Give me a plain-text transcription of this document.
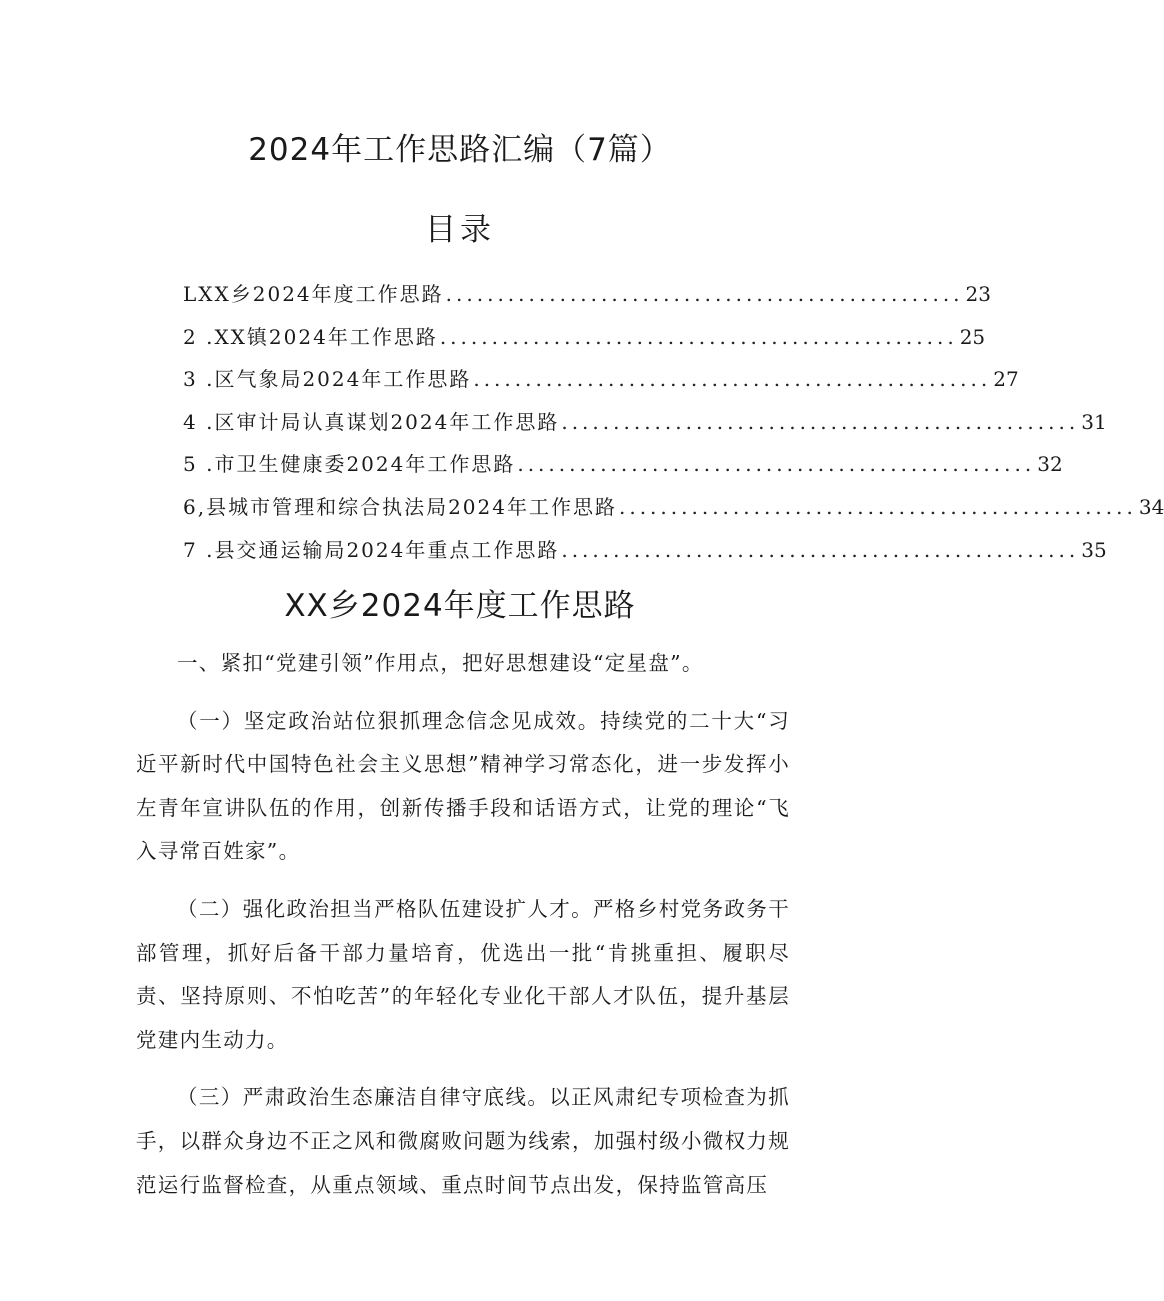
2024年工作思路汇编（7篇）
目录
LXX乡2024年度工作思路 .................................................. 23
2 .XX镇2024年工作思路 .................................................. 25
3 .区气象局2024年工作思路 .................................................. 27
4 .区审计局认真谋划2024年工作思路 .................................................. 31
5 .市卫生健康委2024年工作思路 .................................................. 32
6,县城市管理和综合执法局2024年工作思路 .................................................. 34
7 .县交通运输局2024年重点工作思路 .................................................. 35
XX乡2024年度工作思路

一、紧扣“党建引领”作用点，把好思想建设“定星盘”。

（一）坚定政治站位狠抓理念信念见成效。持续党的二十大“习近平新时代中国特色社会主义思想”精神学习常态化，进一步发挥小左青年宣讲队伍的作用，创新传播手段和话语方式，让党的理论“飞入寻常百姓家”。

（二）强化政治担当严格队伍建设扩人才。严格乡村党务政务干部管理，抓好后备干部力量培育，优选出一批“肯挑重担、履职尽责、坚持原则、不怕吃苦”的年轻化专业化干部人才队伍，提升基层党建内生动力。

（三）严肃政治生态廉洁自律守底线。以正风肃纪专项检查为抓手，以群众身边不正之风和微腐败问题为线索，加强村级小微权力规范运行监督检查，从重点领域、重点时间节点出发，保持监管高压
